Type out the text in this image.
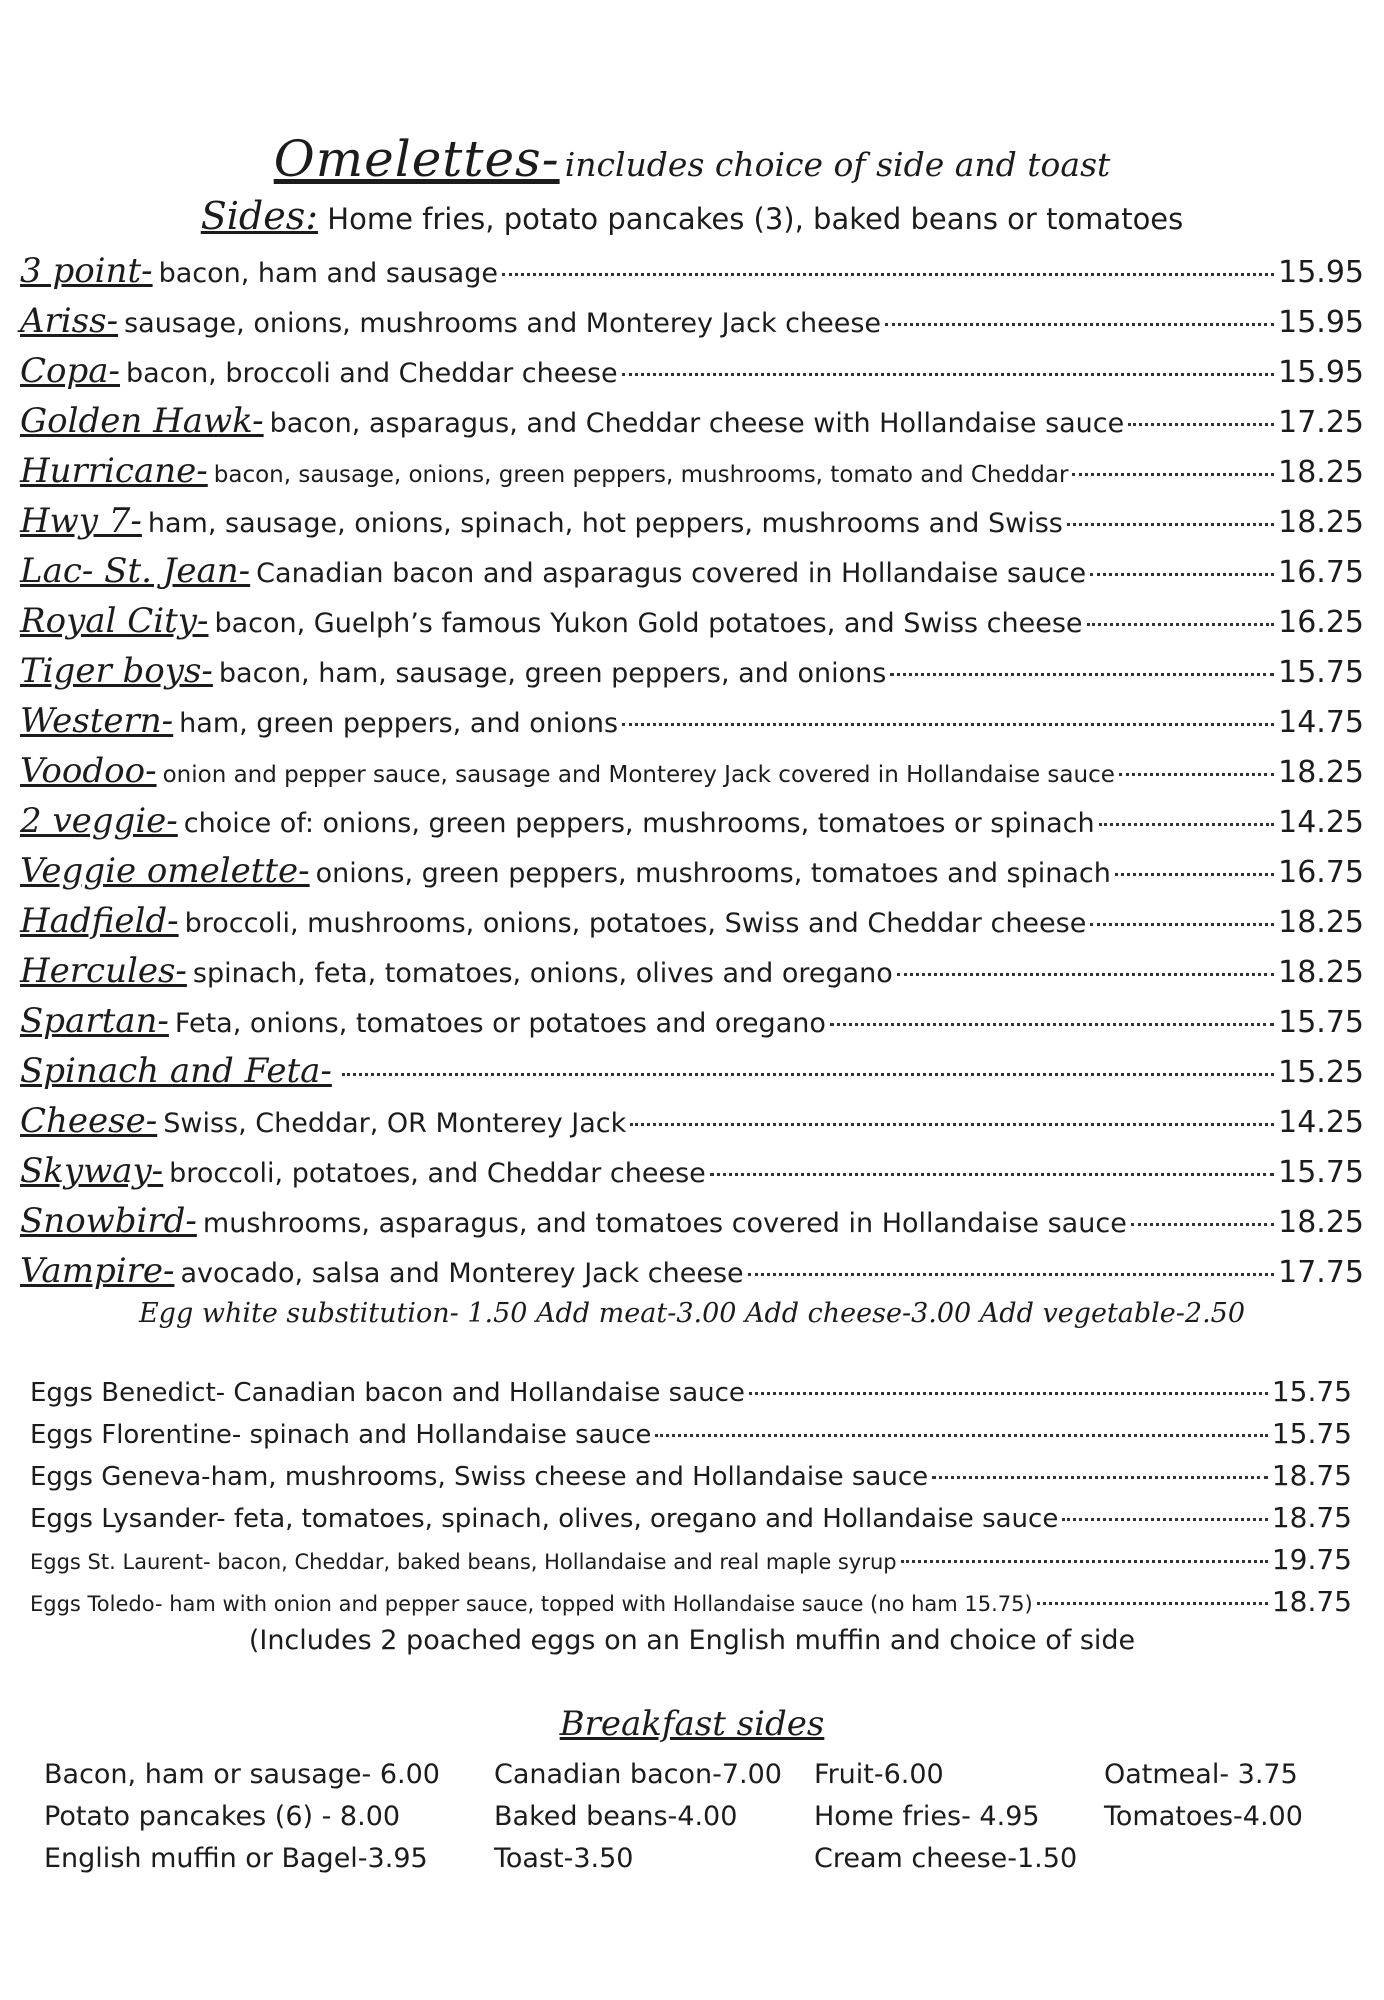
Omelettes- includes choice of side and toast
Sides: Home fries, potato pancakes (3), baked beans or tomatoes
3 point- bacon, ham and sausage	15.95
Ariss- sausage, onions, mushrooms and Monterey Jack cheese	15.95
Copa- bacon, broccoli and Cheddar cheese	15.95
Golden Hawk- bacon, asparagus, and Cheddar cheese with Hollandaise sauce	17.25
Hurricane- bacon, sausage, onions, green peppers, mushrooms, tomato and Cheddar	18.25
Hwy 7- ham, sausage, onions, spinach, hot peppers, mushrooms and Swiss	18.25
Lac- St. Jean- Canadian bacon and asparagus covered in Hollandaise sauce	16.75
Royal City- bacon, Guelph’s famous Yukon Gold potatoes, and Swiss cheese	16.25
Tiger boys- bacon, ham, sausage, green peppers, and onions	15.75
Western- ham, green peppers, and onions	14.75
Voodoo- onion and pepper sauce, sausage and Monterey Jack covered in Hollandaise sauce	18.25
2 veggie- choice of: onions, green peppers, mushrooms, tomatoes or spinach	14.25
Veggie omelette- onions, green peppers, mushrooms, tomatoes and spinach	16.75
Hadfield- broccoli, mushrooms, onions, potatoes, Swiss and Cheddar cheese	18.25
Hercules- spinach, feta, tomatoes, onions, olives and oregano	18.25
Spartan- Feta, onions, tomatoes or potatoes and oregano	15.75
Spinach and Feta-	15.25
Cheese- Swiss, Cheddar, OR Monterey Jack	14.25
Skyway- broccoli, potatoes, and Cheddar cheese	15.75
Snowbird- mushrooms, asparagus, and tomatoes covered in Hollandaise sauce	18.25
Vampire- avocado, salsa and Monterey Jack cheese	17.75
Egg white substitution- 1.50 Add meat-3.00 Add cheese-3.00 Add vegetable-2.50
Eggs Benedict- Canadian bacon and Hollandaise sauce	15.75
Eggs Florentine- spinach and Hollandaise sauce	15.75
Eggs Geneva-ham, mushrooms, Swiss cheese and Hollandaise sauce	18.75
Eggs Lysander- feta, tomatoes, spinach, olives, oregano and Hollandaise sauce	18.75
Eggs St. Laurent- bacon, Cheddar, baked beans, Hollandaise and real maple syrup	19.75
Eggs Toledo- ham with onion and pepper sauce, topped with Hollandaise sauce (no ham 15.75)	18.75
(Includes 2 poached eggs on an English muffin and choice of side
Breakfast sides
Bacon, ham or sausage- 6.00
Potato pancakes (6) - 8.00
English muffin or Bagel-3.95
Canadian bacon-7.00
Baked beans-4.00
Toast-3.50
Fruit-6.00
Home fries- 4.95
Cream cheese-1.50
Oatmeal- 3.75
Tomatoes-4.00
